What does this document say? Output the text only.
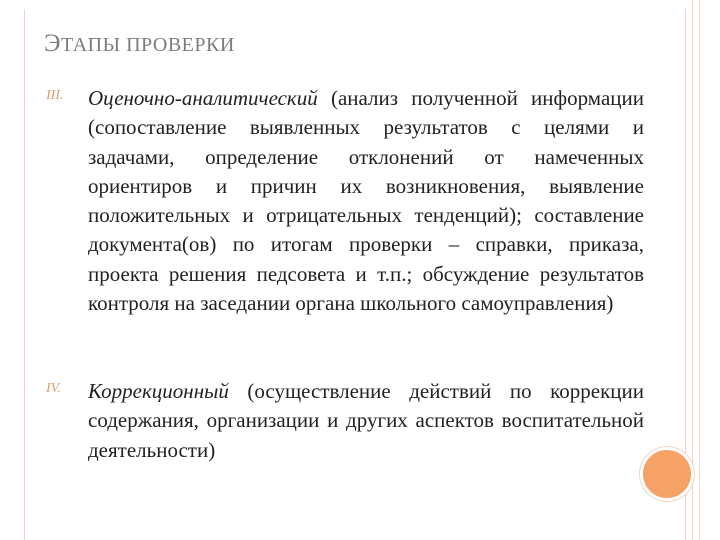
ЭТАПЫ ПРОВЕРКИ
III. Оценочно-аналитический (анализ полученной информации (сопоставление выявленных результатов с целями и задачами, определение отклонений от намеченных ориентиров и причин их возникновения, выявление положительных и отрицательных тенденций); составление документа(ов) по итогам проверки – справки, приказа, проекта решения педсовета и т.п.; обсуждение результатов контроля на заседании органа школьного самоуправления)
IV. Коррекционный (осуществление действий по коррекции содержания, организации и других аспектов воспитательной деятельности)
